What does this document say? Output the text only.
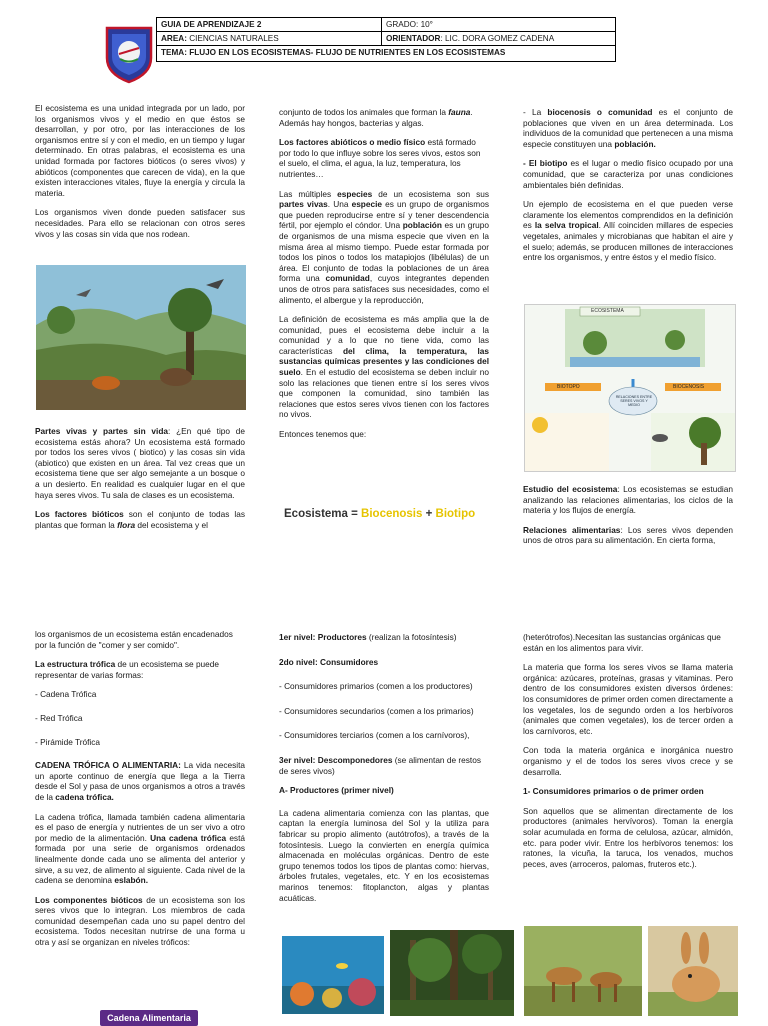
GUIA DE APRENDIZAJE 2	GRADO: 10°
AREA: CIENCIAS NATURALES	ORIENTADOR: LIC. DORA GOMEZ CADENA
TEMA: FLUJO EN LOS ECOSISTEMAS- FLUJO DE NUTRIENTES EN LOS ECOSISTEMAS

El ecosistema es una unidad integrada por un lado, por los organismos vivos y el medio en que éstos se desarrollan, y por otro, por las interacciones de los organismos entre sí y con el medio, en un tiempo y lugar determinado. En otras palabras, el ecosistema es una unidad formada por factores bióticos (o seres vivos) y abióticos (componentes que carecen de vida), en la que existen interacciones vitales, fluye la energía y circula la materia.

Los organismos viven donde pueden satisfacer sus necesidades. Para ello se relacionan con otros seres vivos y las cosas sin vida que nos rodean.

Partes vivas y partes sin vida: ¿En qué tipo de ecosistema estás ahora? Un ecosistema está formado por todos los seres vivos ( biotico) y las cosas sin vida (abiotico) que existen en un área. Tal vez creas que un ecosistema tiene que ser algo semejante a un bosque o a un desierto. En realidad es cualquier lugar en el que haya seres vivos. Tu sala de clases es un ecosistema.

Los factores bióticos son el conjunto de todas las plantas que forman la flora del ecosistema y el

conjunto de todos los animales que forman la fauna. Además hay hongos, bacterias y algas.

Los factores abióticos o medio físico está formado por todo lo que influye sobre los seres vivos, estos son el suelo, el clima, el agua, la luz, temperatura, los nutrientes…

Las múltiples especies de un ecosistema son sus partes vivas. Una especie es un grupo de organismos que pueden reproducirse entre sí y tener descendencia fértil, por ejemplo el cóndor. Una población es un grupo de organismos de una misma especie que viven en la misma área al mismo tiempo. Puede estar formada por todos los pinos o todos los matapiojos (libélulas) de un área. El conjunto de todas la poblaciones de un área forma una comunidad, cuyos integrantes dependen unos de otros para satisfaces sus necesidades, como el alimento, el albergue y la reproducción,

La definición de ecosistema es más amplia que la de comunidad, pues el ecosistema debe incluir a la comunidad y a lo que no tiene vida, como las características del clima, la temperatura, las sustancias químicas presentes y las condiciones del suelo. En el estudio del ecosistema se deben incluir no solo las relaciones que tienen entre sí los seres vivos que componen la comunidad, sino también las relaciones que estos seres vivos tienen con los factores no vivos.

Entonces tenemos que:

Ecosistema = Biocenosis + Biotipo

- La biocenosis o comunidad es el conjunto de poblaciones que viven en un área determinada. Los individuos de la comunidad que pertenecen a una misma especie constituyen una población.

- El biotipo es el lugar o medio físico ocupado por una comunidad, que se caracteriza por unas condiciones ambientales bién definidas.

Un ejemplo de ecosistema en el que pueden verse claramente los elementos comprendidos en la definición es la selva tropical. Allí coinciden millares de especies vegetales, animales y microbianas que habitan el aire y el suelo; además, se producen millones de interacciones entre los organismos, y entre éstos y el medio físico.

ECOSISTEMA
BIOTOPO
RELACIONES ENTRE SERES VIVOS Y MEDIO
BIOCENOSIS

Estudio del ecosistema: Los ecosistemas se estudian analizando las relaciones alimentarias, los ciclos de la materia y los flujos de energía.

Relaciones alimentarias: Los seres vivos dependen unos de otros para su alimentación. En cierta forma,

los organismos de un ecosistema están encadenados por la función de "comer y ser comido".

La estructura trófica de un ecosistema se puede representar de varias formas:

- Cadena Trófica

- Red Trófica

- Pirámide Trófica

CADENA TRÓFICA O ALIMENTARIA: La vida necesita un aporte continuo de energía que llega a la Tierra desde el Sol y pasa de unos organismos a otros a través de la cadena trófica.

La cadena trófica, llamada también cadena alimentaria es el paso de energía y nutrientes de un ser vivo a otro por medio de la alimentación. Una cadena trófica está formada por una serie de organismos ordenados linealmente donde cada uno se alimenta del anterior y sirve, a su vez, de alimento al siguiente. Cada nivel de la cadena se denomina eslabón.

Los componentes bióticos de un ecosistema son los seres vivos que lo integran. Los miembros de cada comunidad desempeñan cada uno su papel dentro del ecosistema. Todos necesitan nutrirse de una forma u otra y así se organizan en niveles tróficos:

Cadena Alimentaria

1er nivel: Productores (realizan la fotosíntesis)

2do nivel: Consumidores

- Consumidores primarios (comen a los productores)

- Consumidores secundarios (comen a los primarios)

- Consumidores terciarios (comen a los carnívoros),

3er nivel: Descomponedores (se alimentan de restos de seres vivos)

A- Productores (primer nivel)

La cadena alimentaria comienza con las plantas, que captan la energía luminosa del Sol y la utiliza para fabricar su propio alimento (autótrofos), a través de la fotosíntesis. Luego la convierten en energía química almacenada en moléculas orgánicas. Dentro de este grupo tenemos todos los tipos de plantas como: hiervas, árboles frutales, vegetales, etc. Y en los ecosistemas marinos tenemos: fitoplancton, algas y plantas acuáticas.

(heterótrofos).Necesitan las sustancias orgánicas que están en los alimentos para vivir.

La materia que forma los seres vivos se llama materia orgánica: azúcares, proteínas, grasas y vitaminas. Pero dentro de los consumidores existen diversos órdenes: los consumidores de primer orden comen directamente a los vegetales, los de segundo orden a los herbívoros (animales que comen vegetales), los de tercer orden a los carnívoros, etc.

Con toda la materia orgánica e inorgánica nuestro organismo y el de todos los seres vivos crece y se desarrolla.

1- Consumidores primarios o de primer orden

Son aquellos que se alimentan directamente de los productores (animales hervívoros). Toman la energía solar acumulada en forma de celulosa, azúcar, almidón, etc. para poder vivir. Entre los herbívoros tenemos: los ratones, la vicuña, la taruca, los venados, muchos peces, aves (arroceros, palomas, fruteros etc.).
